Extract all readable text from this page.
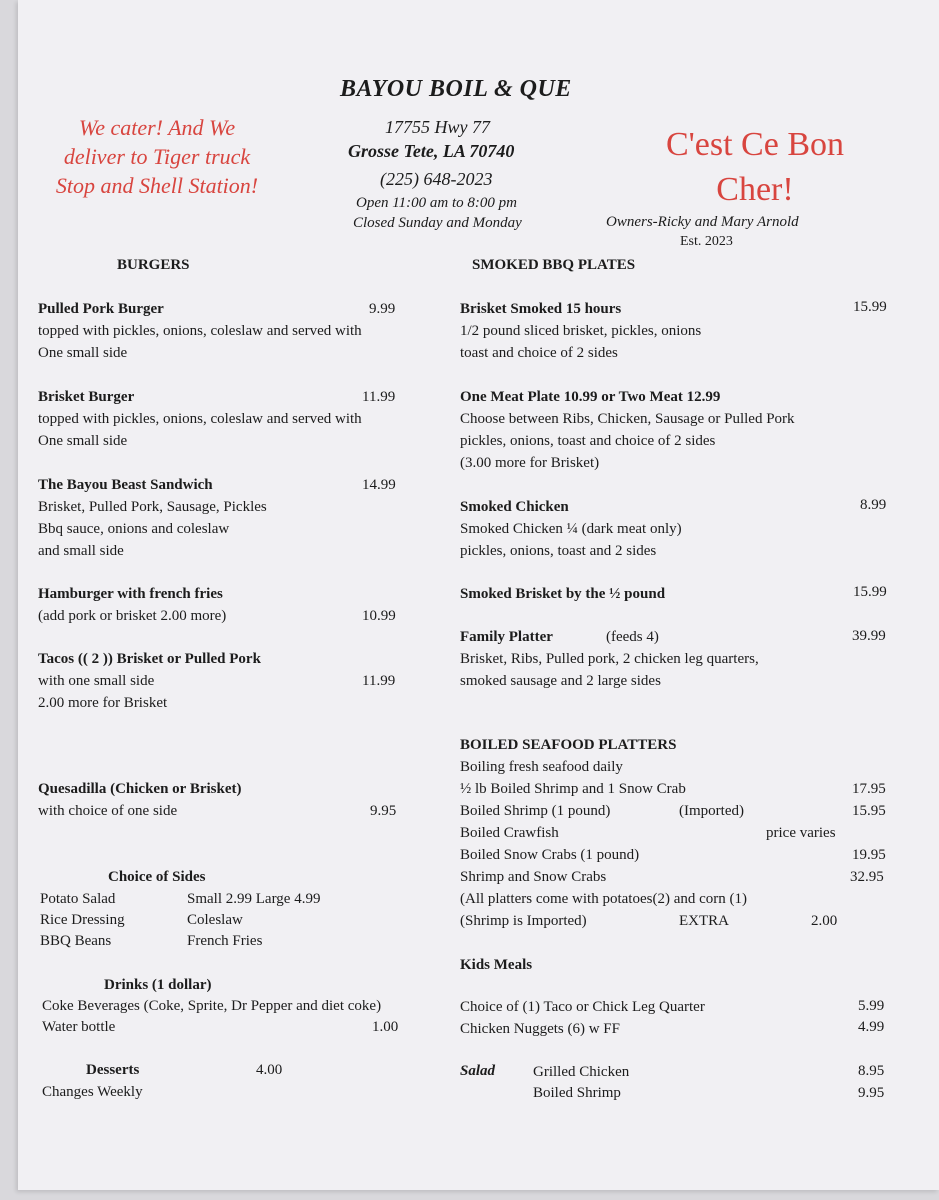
BAYOU BOIL & QUE
17755 Hwy 77
Grosse Tete, LA 70740
(225) 648-2023
Open 11:00 am to 8:00 pm
Closed Sunday and Monday
We cater! And We
deliver to Tiger truck
Stop and Shell Station!
C'est Ce Bon
Cher!
Owners-Ricky and Mary Arnold
Est. 2023
BURGERS
Pulled Pork Burger	9.99
topped with pickles, onions, coleslaw and served with
One small side
Brisket Burger	11.99
topped with pickles, onions, coleslaw and served with
One small side
The Bayou Beast Sandwich	14.99
Brisket, Pulled Pork, Sausage, Pickles
Bbq sauce, onions and coleslaw
and small side
Hamburger with french fries
(add pork or brisket 2.00 more)	10.99
Tacos (( 2 )) Brisket or Pulled Pork
with one small side	11.99
2.00 more for Brisket
Quesadilla (Chicken or Brisket)
with choice of one side	9.95
Choice of Sides
Potato Salad	Small 2.99 Large 4.99
Rice Dressing	Coleslaw
BBQ Beans	French Fries
Drinks (1 dollar)
Coke Beverages (Coke, Sprite, Dr Pepper and diet coke)
Water bottle	1.00
Desserts	4.00
Changes Weekly
SMOKED BBQ PLATES
Brisket Smoked 15 hours	15.99
1/2 pound sliced brisket, pickles, onions
toast and choice of 2 sides
One Meat Plate 10.99 or Two Meat 12.99
Choose between Ribs, Chicken, Sausage or Pulled Pork
pickles, onions, toast and choice of 2 sides
(3.00 more for Brisket)
Smoked Chicken	8.99
Smoked Chicken ¼ (dark meat only)
pickles, onions, toast and 2 sides
Smoked Brisket by the ½ pound	15.99
Family Platter	(feeds 4)	39.99
Brisket, Ribs, Pulled pork, 2 chicken leg quarters,
smoked sausage and 2 large sides
BOILED SEAFOOD PLATTERS
Boiling fresh seafood daily
½ lb Boiled Shrimp and 1 Snow Crab	17.95
Boiled Shrimp (1 pound)	(Imported)	15.95
Boiled Crawfish	price varies
Boiled Snow Crabs (1 pound)	19.95
Shrimp and Snow Crabs	32.95
(All platters come with potatoes(2) and corn (1)
(Shrimp is Imported)	EXTRA	2.00
Kids Meals
Choice of (1) Taco or Chick Leg Quarter	5.99
Chicken Nuggets (6) w FF	4.99
Salad	Grilled Chicken	8.95
Boiled Shrimp	9.95
